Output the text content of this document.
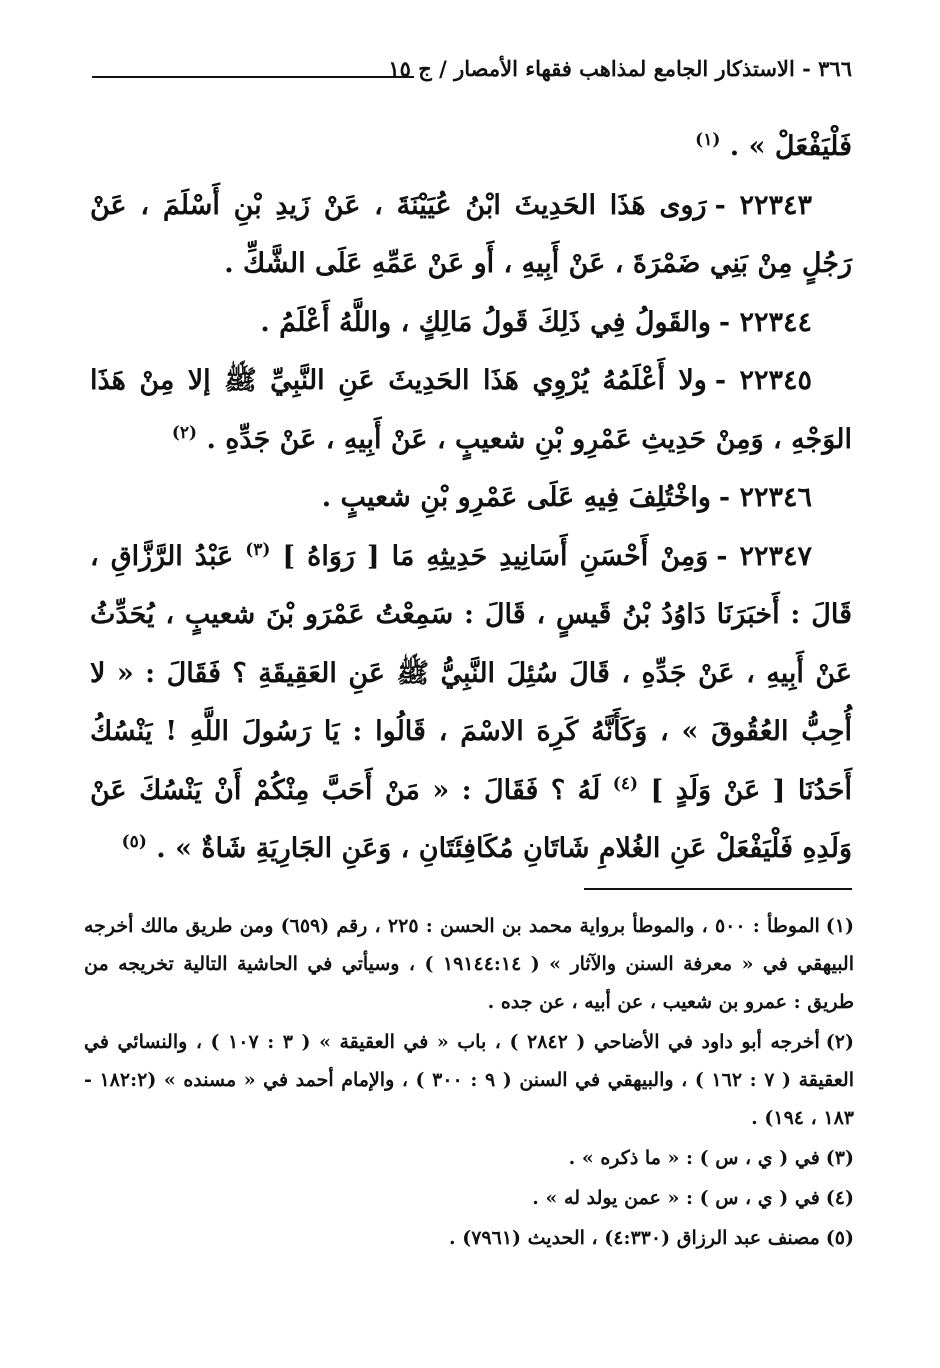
٣٦٦ - الاستذكار الجامع لمذاهب فقهاء الأمصار / ج ١٥

فَلْيَفْعَلْ » . $^{(١)}$

٢٢٣٤٣ -رَوى هَذَا الحَدِيثَ ابْنُ عُيَيْنَةَ ، عَنْ زَيدِ بْنِ أَسْلَمَ ، عَنْ رَجُلٍ مِنْ بَنِي ضَمْرَةَ ، عَنْ أَبِيهِ ، أَو عَنْ عَمِّهِ عَلَى الشَّكِّ .

٢٢٣٤٤ -والقَولُ فِي ذَلِكَ قَولُ مَالِكٍ ، واللَّهُ أَعْلَمُ .

٢٢٣٤٥ -ولا أَعْلَمُهُ يُرْوِي هَذَا الحَدِيثَ عَنِ النَّبِيِّ ﷺ إلا مِنْ هَذَا الوَجْهِ ، وَمِنْ حَدِيثِ عَمْرِو بْنِ شعيبٍ ، عَنْ أَبِيهِ ، عَنْ جَدِّهِ . $^{(٢)}$

٢٢٣٤٦ -واخْتُلِفَ فِيهِ عَلَى عَمْرِو بْنِ شعيبٍ .

٢٢٣٤٧ -وَمِنْ أَحْسَنِ أَسَانِيدِ حَدِيثِهِ مَا [ رَوَاهُ ] $^{(٣)}$ عَبْدُ الرَّزَّاقِ ، قَالَ : أَخبَرَنَا دَاوُدُ بْنُ قَيسٍ ، قَالَ : سَمِعْتُ عَمْرَو بْنَ شعيبٍ ، يُحَدِّثُ عَنْ أَبِيهِ ، عَنْ جَدِّهِ ، قَالَ سُئِلَ النَّبِيُّ ﷺ عَنِ العَقِيقَةِ ؟ فَقَالَ : « لا أُحِبُّ العُقُوقَ » ، وَكَأَنَّهُ كَرِهَ الاسْمَ ، قَالُوا : يَا رَسُولَ اللَّهِ ! يَنْسُكُ أَحَدُنَا [ عَنْ وَلَدٍ ] $^{(٤)}$ لَهُ ؟ فَقَالَ : « مَنْ أَحَبَّ مِنْكُمْ أَنْ يَنْسُكَ عَنْ وَلَدِهِ فَلْيَفْعَلْ عَنِ الغُلامِ شَاتَانِ مُكَافِئَتَانِ ، وَعَنِ الجَارِيَةِ شَاةٌ » . $^{(٥)}$

(١)الموطأ : ٥٠٠ ، والموطأ برواية محمد بن الحسن : ٢٢٥ ، رقم (٦٥٩) ومن طريق مالك أخرجه البيهقي في « معرفة السنن والآثار » ( ١٩١٤٤:١٤ ) ، وسيأتي في الحاشية التالية تخريجه من طريق : عمرو بن شعيب ، عن أبيه ، عن جده .

(٢)أخرجه أبو داود في الأضاحي ( ٢٨٤٢ ) ، باب « في العقيقة » ( ٣ : ١٠٧ ) ، والنسائي في العقيقة ( ٧ : ١٦٢ ) ، والبيهقي في السنن ( ٩ : ٣٠٠ ) ، والإمام أحمد في « مسنده » (١٨٢:٢ - ١٨٣ ، ١٩٤) .

(٣)في ( ي ، س ) : « ما ذكره » .

(٤)في ( ي ، س ) : « عمن يولد له » .

(٥)مصنف عبد الرزاق (٤:٣٣٠) ، الحديث (٧٩٦١) .
